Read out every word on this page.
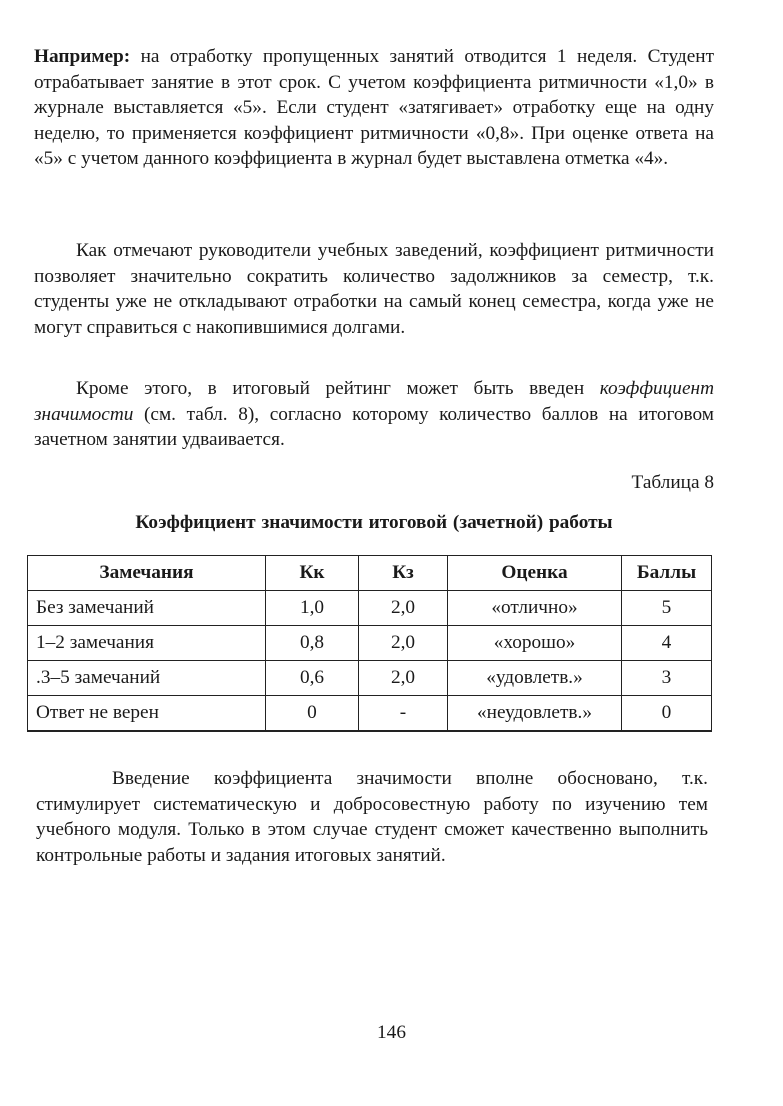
Например: на отработку пропущенных занятий отводится 1 неделя. Студент отрабатывает занятие в этот срок. С учетом коэффициента ритмичности «1,0» в журнале выставляется «5». Если студент «затягивает» отработку еще на одну неделю, то применяется коэффициент ритмичности «0,8». При оценке ответа на «5» с учетом данного коэффициента в журнал будет выставлена отметка «4».

Как отмечают руководители учебных заведений, коэффициент ритмичности позволяет значительно сократить количество задолжников за семестр, т.к. студенты уже не откладывают отработки на самый конец семестра, когда уже не могут справиться с накопившимися долгами.

Кроме этого, в итоговый рейтинг может быть введен коэффициент значимости (см. табл. 8), согласно которому количество баллов на итоговом зачетном занятии удваивается.

Таблица 8
Коэффициент значимости итоговой (зачетной) работы
Замечания	Кк	Кз	Оценка	Баллы
Без замечаний	1,0	2,0	«отлично»	5
1–2 замечания	0,8	2,0	«хорошо»	4
.3–5 замечаний	0,6	2,0	«удовлетв.»	3
Ответ не верен	0	-	«неудовлетв.»	0

Введение коэффициента значимости вполне обосновано, т.к. стимулирует систематическую и добросовестную работу по изучению тем учебного модуля. Только в этом случае студент сможет качественно выполнить контрольные работы и задания итоговых занятий.

146
